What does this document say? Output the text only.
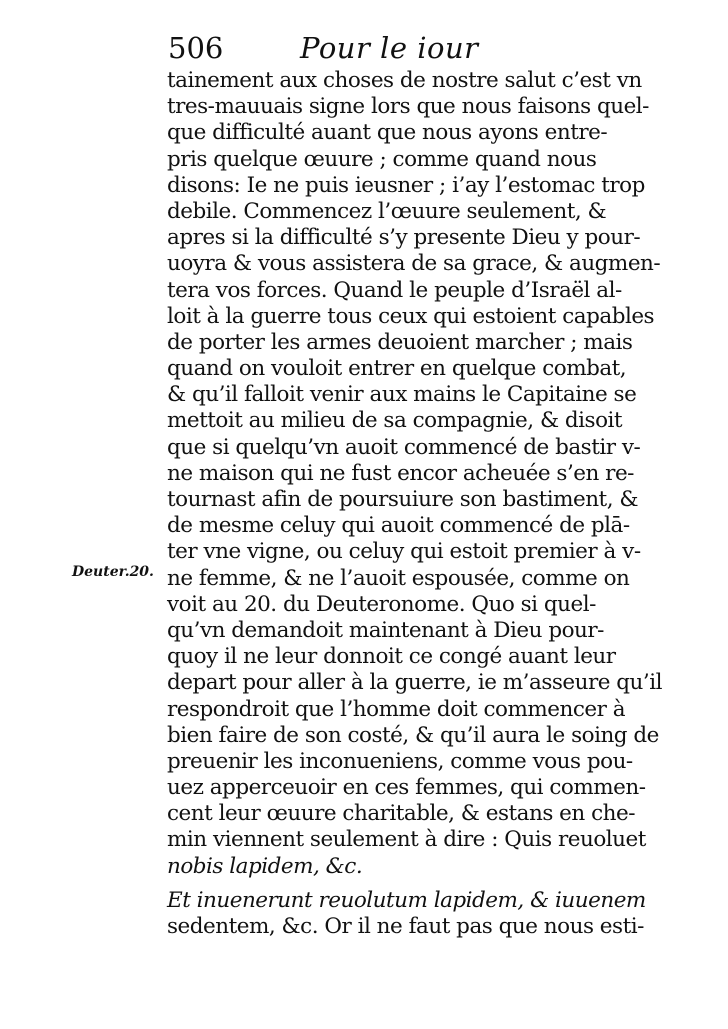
506	Pour le iour
Deuter.20.
tainement aux choses de nostre salut c’est vn
tres-mauuais signe lors que nous faisons quel-
que difficulté auant que nous ayons entre-
pris quelque œuure ; comme quand nous
disons: Ie ne puis ieusner ; i’ay l’estomac trop
debile. Commencez l’œuure seulement, &
apres si la difficulté s’y presente Dieu y pour-
uoyra & vous assistera de sa grace, & augmen-
tera vos forces. Quand le peuple d’Israël al-
loit à la guerre tous ceux qui estoient capables
de porter les armes deuoient marcher ; mais
quand on vouloit entrer en quelque combat,
& qu’il falloit venir aux mains le Capitaine se
mettoit au milieu de sa compagnie, & disoit
que si quelqu’vn auoit commencé de bastir v-
ne maison qui ne fust encor acheuée s’en re-
tournast afin de poursuiure son bastiment, &
de mesme celuy qui auoit commencé de plā-
ter vne vigne, ou celuy qui estoit premier à v-
ne femme, & ne l’auoit espousée, comme on
voit au 20. du Deuteronome. Quo si quel-
qu’vn demandoit maintenant à Dieu pour-
quoy il ne leur donnoit ce congé auant leur
depart pour aller à la guerre, ie m’asseure qu’il
respondroit que l’homme doit commencer à
bien faire de son costé, & qu’il aura le soing de
preuenir les inconueniens, comme vous pou-
uez apperceuoir en ces femmes, qui commen-
cent leur œuure charitable, & estans en che-
min viennent seulement à dire : Quis reuoluet
nobis lapidem, &c.
Et inuenerunt reuolutum lapidem, & iuuenem
sedentem, &c. Or il ne faut pas que nous esti-
